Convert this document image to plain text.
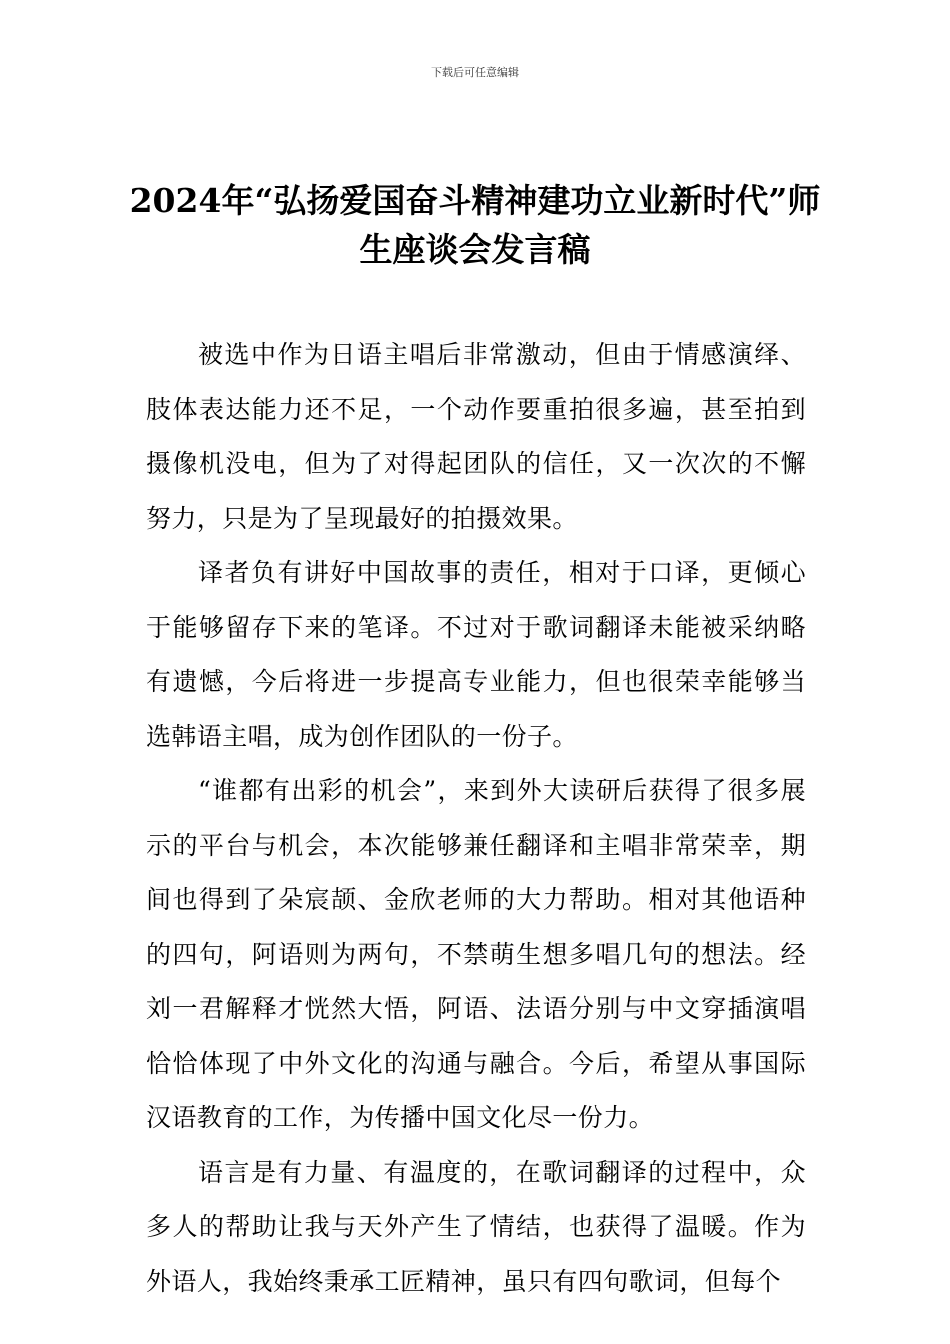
下载后可任意编辑
2024年“弘扬爱国奋斗精神建功立业新时代”师生座谈会发言稿

被选中作为日语主唱后非常激动，但由于情感演绎、肢体表达能力还不足，一个动作要重拍很多遍，甚至拍到摄像机没电，但为了对得起团队的信任，又一次次的不懈努力，只是为了呈现最好的拍摄效果。

译者负有讲好中国故事的责任，相对于口译，更倾心于能够留存下来的笔译。不过对于歌词翻译未能被采纳略有遗憾，今后将进一步提高专业能力，但也很荣幸能够当选韩语主唱，成为创作团队的一份子。

“谁都有出彩的机会”，来到外大读研后获得了很多展示的平台与机会，本次能够兼任翻译和主唱非常荣幸，期间也得到了朵宸颉、金欣老师的大力帮助。相对其他语种的四句，阿语则为两句，不禁萌生想多唱几句的想法。经刘一君解释才恍然大悟，阿语、法语分别与中文穿插演唱恰恰体现了中外文化的沟通与融合。今后，希望从事国际汉语教育的工作，为传播中国文化尽一份力。

语言是有力量、有温度的，在歌词翻译的过程中，众多人的帮助让我与天外产生了情结，也获得了温暖。作为外语人，我始终秉承工匠精神，虽只有四句歌词，但每个
